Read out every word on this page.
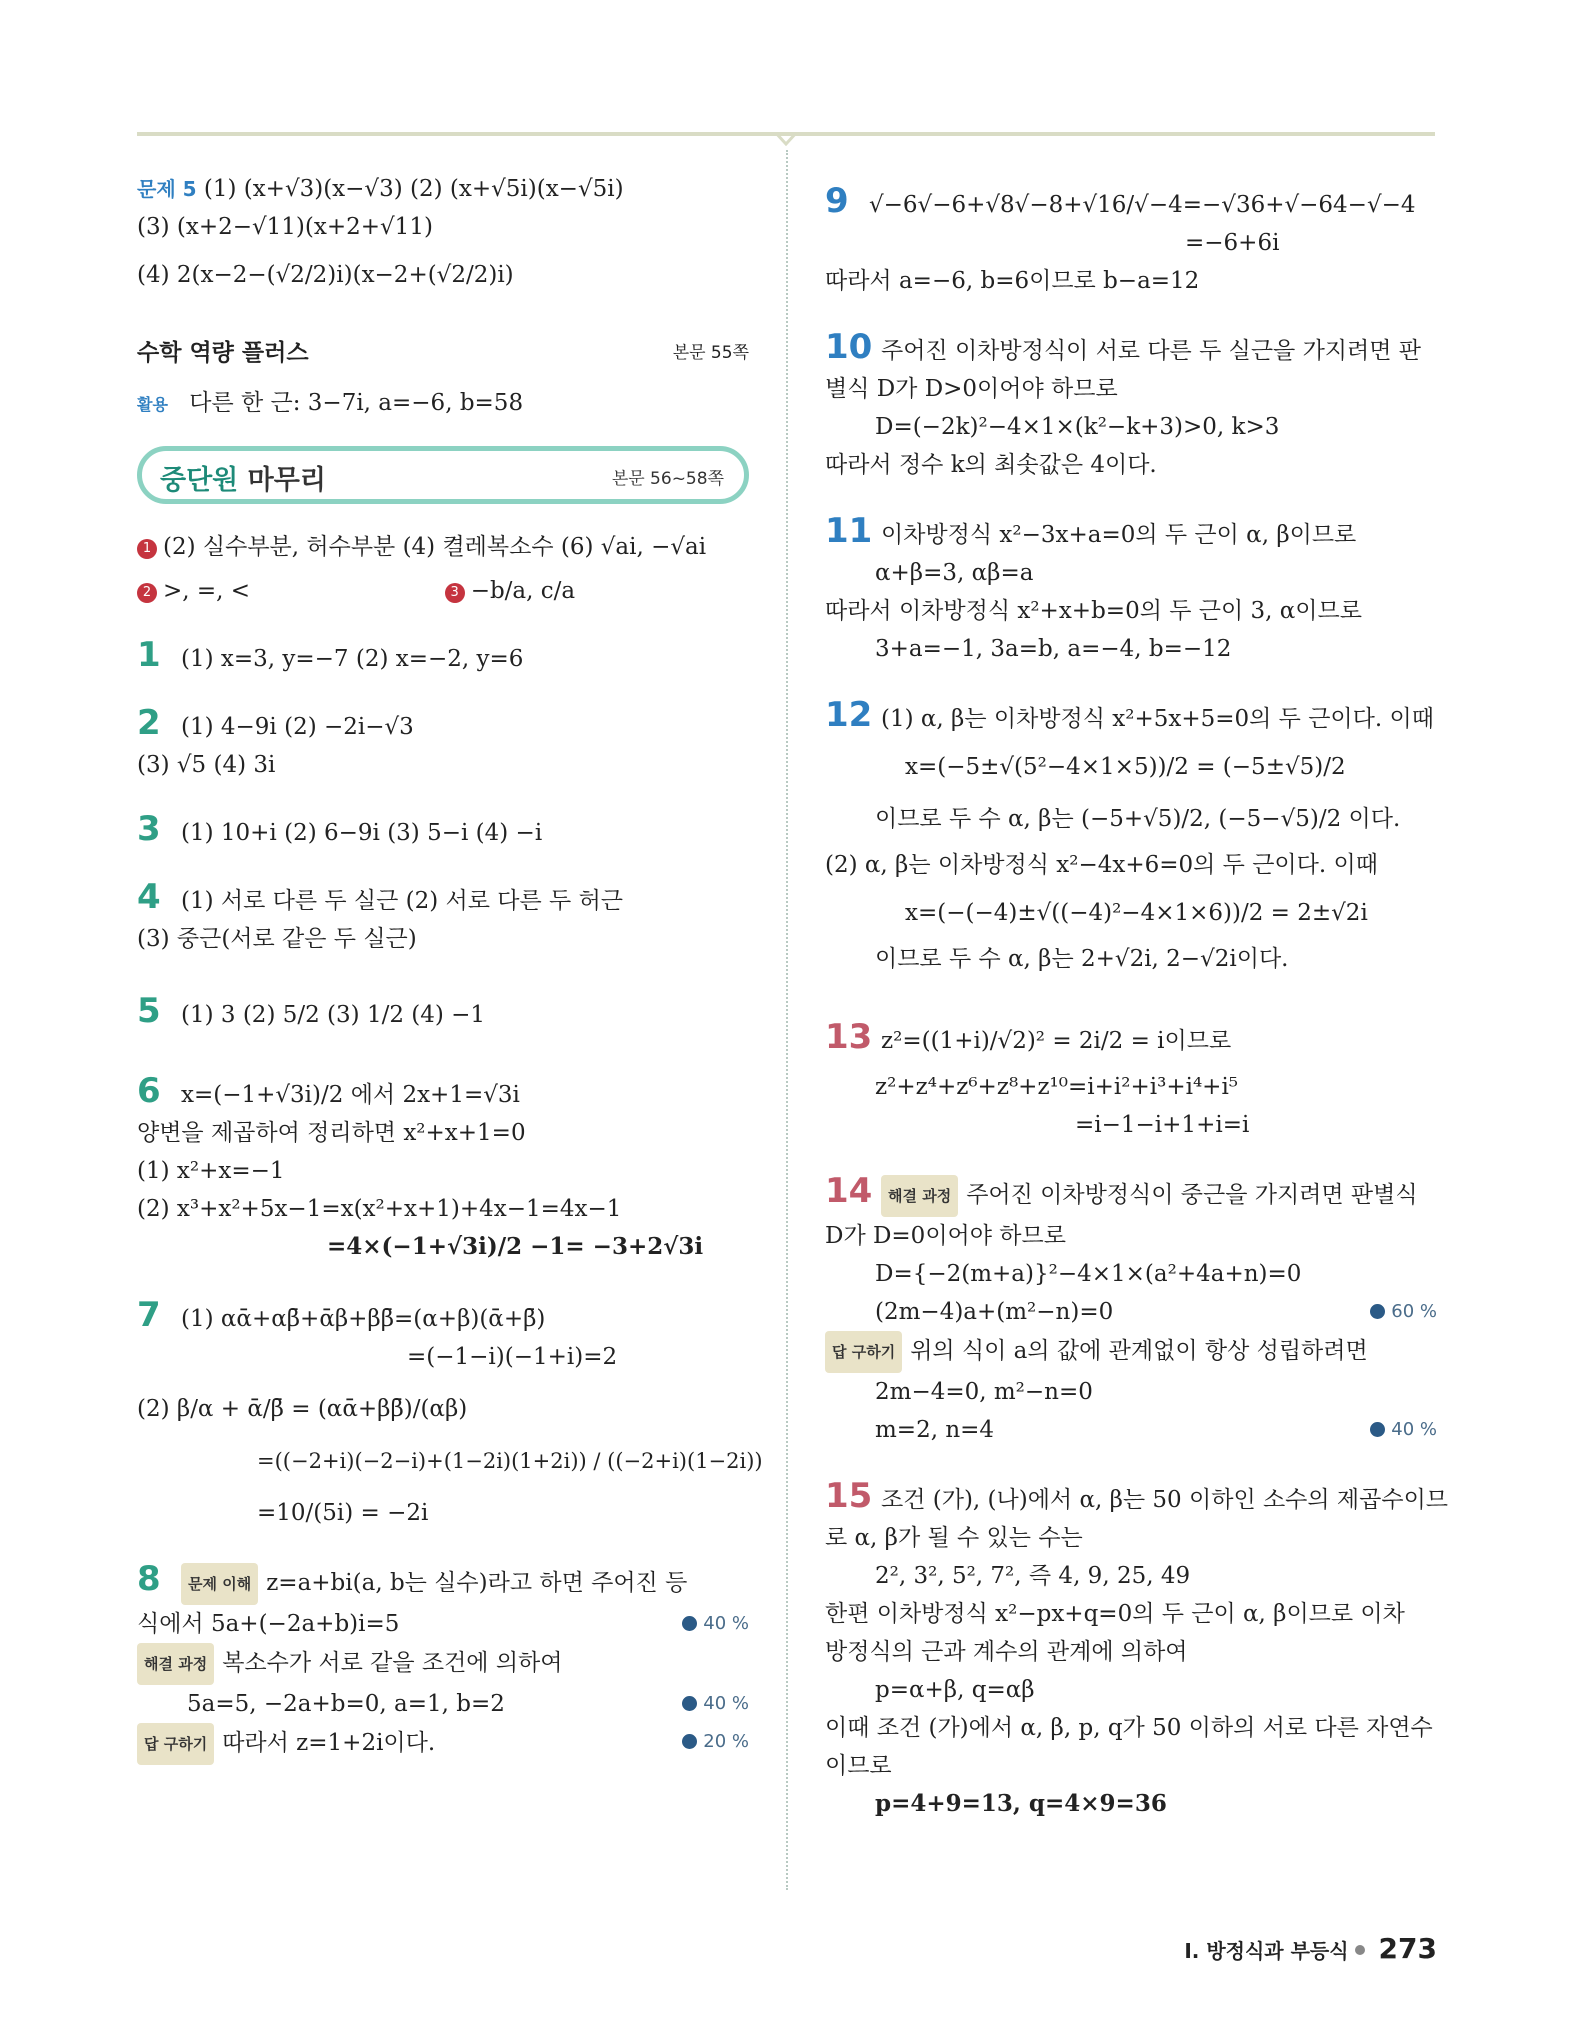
문제 5 (1) (x+√3)(x−√3) (2) (x+√5i)(x−√5i)
(3) (x+2−√11)(x+2+√11)
(4) 2(x−2−(√2/2)i)(x−2+(√2/2)i)
수학 역량 플러스	본문 55쪽
활용 다른 한 근: 3−7i, a=−6, b=58
중단원 마무리	본문 56~58쪽
1 (2) 실수부분, 허수부분 (4) 켤레복소수 (6) √ai, −√ai
2 >, =, <	3 −b/a, c/a
1 (1) x=3, y=−7 (2) x=−2, y=6
2 (1) 4−9i (2) −2i−√3
(3) √5 (4) 3i
3 (1) 10+i (2) 6−9i (3) 5−i (4) −i
4 (1) 서로 다른 두 실근 (2) 서로 다른 두 허근
(3) 중근(서로 같은 두 실근)
5 (1) 3 (2) 5/2 (3) 1/2 (4) −1
6 x=(−1+√3i)/2 에서 2x+1=√3i
양변을 제곱하여 정리하면 x²+x+1=0
(1) x²+x=−1
(2) x³+x²+5x−1=x(x²+x+1)+4x−1=4x−1
=4×(−1+√3i)/2 −1= −3+2√3i
7 (1) αᾱ+αβ̄+ᾱβ+ββ̄=(α+β)(ᾱ+β̄)
=(−1−i)(−1+i)=2
(2) β/α + ᾱ/β̄ = (αᾱ+ββ̄)/(αβ)
=((−2+i)(−2−i)+(1−2i)(1+2i)) / ((−2+i)(1−2i))
=10/(5i) = −2i
8 문제 이해 z=a+bi(a, b는 실수)라고 하면 주어진 등
식에서 5a+(−2a+b)i=5	40 %
해결 과정 복소수가 서로 같을 조건에 의하여
5a=5, −2a+b=0, a=1, b=2	40 %
답 구하기 따라서 z=1+2i이다.	20 %
9 √−6√−6+√8√−8+√16/√−4=−√36+√−64−√−4
=−6+6i
따라서 a=−6, b=6이므로 b−a=12
10 주어진 이차방정식이 서로 다른 두 실근을 가지려면 판
별식 D가 D>0이어야 하므로
D=(−2k)²−4×1×(k²−k+3)>0, k>3
따라서 정수 k의 최솟값은 4이다.
11 이차방정식 x²−3x+a=0의 두 근이 α, β이므로
α+β=3, αβ=a
따라서 이차방정식 x²+x+b=0의 두 근이 3, α이므로
3+a=−1, 3a=b, a=−4, b=−12
12 (1) α, β는 이차방정식 x²+5x+5=0의 두 근이다. 이때
x=(−5±√(5²−4×1×5))/2 = (−5±√5)/2
이므로 두 수 α, β는 (−5+√5)/2, (−5−√5)/2 이다.
(2) α, β는 이차방정식 x²−4x+6=0의 두 근이다. 이때
x=(−(−4)±√((−4)²−4×1×6))/2 = 2±√2i
이므로 두 수 α, β는 2+√2i, 2−√2i이다.
13 z²=((1+i)/√2)² = 2i/2 = i이므로
z²+z⁴+z⁶+z⁸+z¹⁰=i+i²+i³+i⁴+i⁵
=i−1−i+1+i=i
14 해결 과정 주어진 이차방정식이 중근을 가지려면 판별식
D가 D=0이어야 하므로
D={−2(m+a)}²−4×1×(a²+4a+n)=0
(2m−4)a+(m²−n)=0	60 %
답 구하기 위의 식이 a의 값에 관계없이 항상 성립하려면
2m−4=0, m²−n=0
m=2, n=4	40 %
15 조건 (가), (나)에서 α, β는 50 이하인 소수의 제곱수이므
로 α, β가 될 수 있는 수는
2², 3², 5², 7², 즉 4, 9, 25, 49
한편 이차방정식 x²−px+q=0의 두 근이 α, β이므로 이차
방정식의 근과 계수의 관계에 의하여
p=α+β, q=αβ
이때 조건 (가)에서 α, β, p, q가 50 이하의 서로 다른 자연수
이므로
p=4+9=13, q=4×9=36
Ⅰ. 방정식과 부등식 273
